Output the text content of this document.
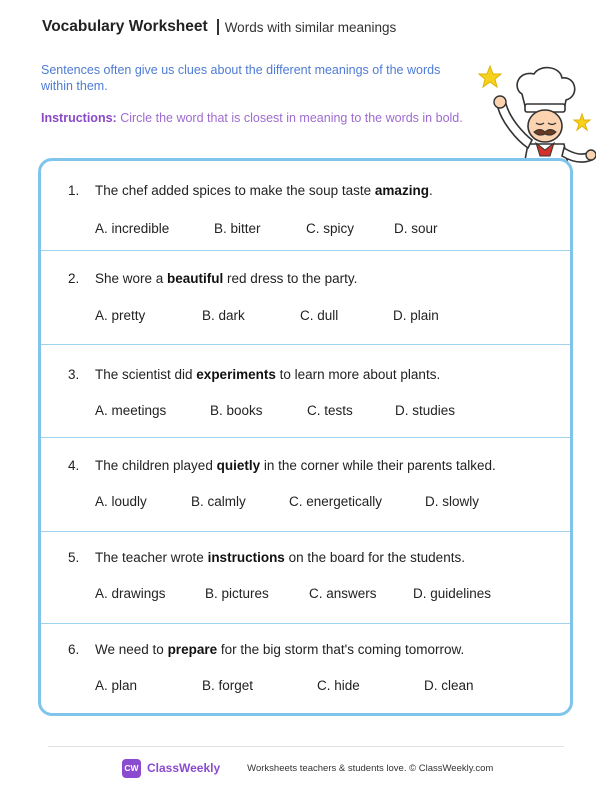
Vocabulary Worksheet Words with similar meanings
Sentences often give us clues about the different meanings of the words within them.
Instructions: Circle the word that is closest in meaning to the words in bold.
1. The chef added spices to make the soup taste amazing.
A. incredible	B. bitter	C. spicy	D. sour
2. She wore a beautiful red dress to the party.
A. pretty	B. dark	C. dull	D. plain
3. The scientist did experiments to learn more about plants.
A. meetings	B. books	C. tests	D. studies
4. The children played quietly in the corner while their parents talked.
A. loudly	B. calmly	C. energetically	D. slowly
5. The teacher wrote instructions on the board for the students.
A. drawings	B. pictures	C. answers	D. guidelines
6. We need to prepare for the big storm that's coming tomorrow.
A. plan	B. forget	C. hide	D. clean
CW ClassWeekly	Worksheets teachers & students love. © ClassWeekly.com
